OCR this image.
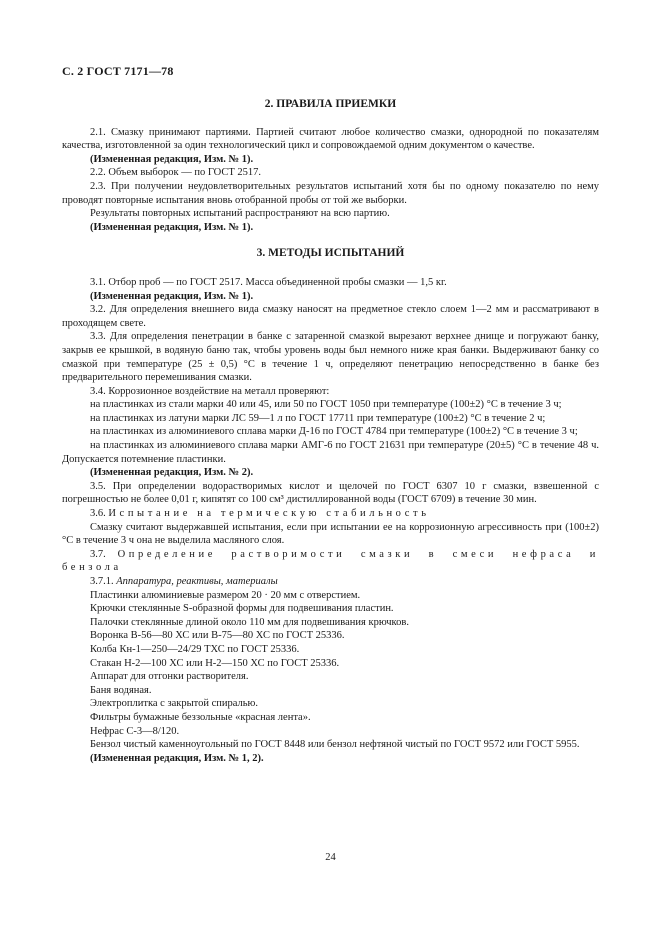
С. 2 ГОСТ 7171—78
2. ПРАВИЛА ПРИЕМКИ

2.1. Смазку принимают партиями. Партией считают любое количество смазки, однородной по показателям качества, изготовленной за один технологический цикл и сопровождаемой одним документом о качестве.

(Измененная редакция, Изм. № 1).

2.2. Объем выборок — по ГОСТ 2517.

2.3. При получении неудовлетворительных результатов испытаний хотя бы по одному показателю по нему проводят повторные испытания вновь отобранной пробы от той же выборки.

Результаты повторных испытаний распространяют на всю партию.

(Измененная редакция, Изм. № 1).

3. МЕТОДЫ ИСПЫТАНИЙ

3.1. Отбор проб — по ГОСТ 2517. Масса объединенной пробы смазки — 1,5 кг.

(Измененная редакция, Изм. № 1).

3.2. Для определения внешнего вида смазку наносят на предметное стекло слоем 1—2 мм и рассматривают в проходящем свете.

3.3. Для определения пенетрации в банке с затаренной смазкой вырезают верхнее днище и погружают банку, закрыв ее крышкой, в водяную баню так, чтобы уровень воды был немного ниже края банки. Выдерживают банку со смазкой при температуре (25 ± 0,5) °С в течение 1 ч, определяют пенетрацию непосредственно в банке без предварительного перемешивания смазки.

3.4. Коррозионное воздействие на металл проверяют:

на пластинках из стали марки 40 или 45, или 50 по ГОСТ 1050 при температуре (100±2) °С в течение 3 ч;

на пластинках из латуни марки ЛС 59—1 л по ГОСТ 17711 при температуре (100±2) °С в течение 2 ч;

на пластинках из алюминиевого сплава марки Д-16 по ГОСТ 4784 при температуре (100±2) °С в течение 3 ч;

на пластинках из алюминиевого сплава марки АМГ-6 по ГОСТ 21631 при температуре (20±5) °С в течение 48 ч. Допускается потемнение пластинки.

(Измененная редакция, Изм. № 2).

3.5. При определении водорастворимых кислот и щелочей по ГОСТ 6307 10 г смазки, взвешенной с погрешностью не более 0,01 г, кипятят со 100 см³ дистиллированной воды (ГОСТ 6709) в течение 30 мин.

3.6. Испытание на термическую стабильность

Смазку считают выдержавшей испытания, если при испытании ее на коррозионную агрессивность при (100±2) °С в течение 3 ч она не выделила масляного слоя.

3.7. Определение растворимости смазки в смеси нефраса и бензола

3.7.1. Аппаратура, реактивы, материалы

Пластинки алюминиевые размером 20 · 20 мм с отверстием.

Крючки стеклянные S-образной формы для подвешивания пластин.

Палочки стеклянные длиной около 110 мм для подвешивания крючков.

Воронка В-56—80 ХС или В-75—80 ХС по ГОСТ 25336.

Колба Кн-1—250—24/29 ТХС по ГОСТ 25336.

Стакан Н-2—100 ХС или Н-2—150 ХС по ГОСТ 25336.

Аппарат для отгонки растворителя.

Баня водяная.

Электроплитка с закрытой спиралью.

Фильтры бумажные беззольные «красная лента».

Нефрас С-3—8/120.

Бензол чистый каменноугольный по ГОСТ 8448 или бензол нефтяной чистый по ГОСТ 9572 или ГОСТ 5955.

(Измененная редакция, Изм. № 1, 2).

24
